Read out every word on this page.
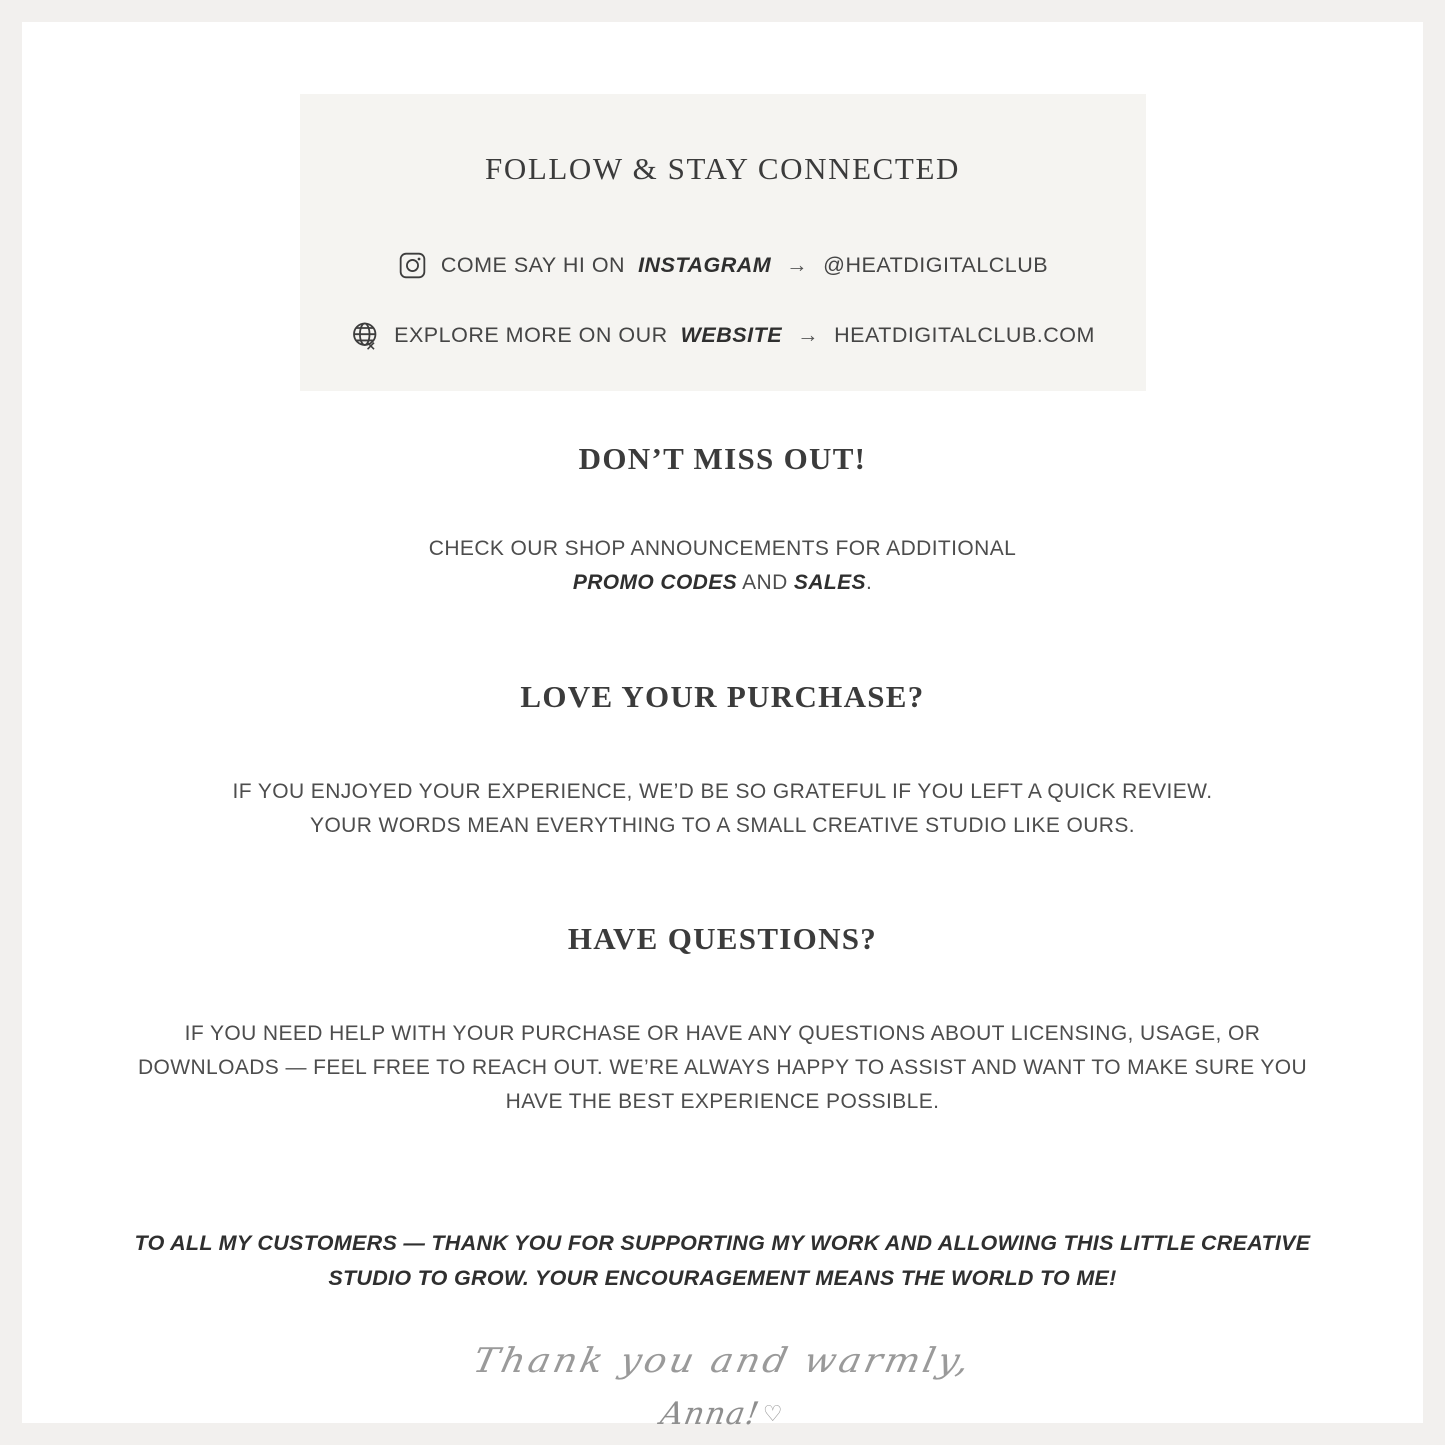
FOLLOW & STAY CONNECTED
COME SAY HI ON INSTAGRAM → @HEATDIGITALCLUB
EXPLORE MORE ON OUR WEBSITE → HEATDIGITALCLUB.COM
DON’T MISS OUT!

CHECK OUR SHOP ANNOUNCEMENTS FOR ADDITIONAL
PROMO CODES AND SALES.

LOVE YOUR PURCHASE?

IF YOU ENJOYED YOUR EXPERIENCE, WE’D BE SO GRATEFUL IF YOU LEFT A QUICK REVIEW. YOUR WORDS MEAN EVERYTHING TO A SMALL CREATIVE STUDIO LIKE OURS.

HAVE QUESTIONS?

IF YOU NEED HELP WITH YOUR PURCHASE OR HAVE ANY QUESTIONS ABOUT LICENSING, USAGE, OR DOWNLOADS — FEEL FREE TO REACH OUT. WE’RE ALWAYS HAPPY TO ASSIST AND WANT TO MAKE SURE YOU HAVE THE BEST EXPERIENCE POSSIBLE.

TO ALL MY CUSTOMERS — THANK YOU FOR SUPPORTING MY WORK AND ALLOWING THIS LITTLE CREATIVE STUDIO TO GROW. YOUR ENCOURAGEMENT MEANS THE WORLD TO ME!

Thank you and warmly,
Anna! ♡
